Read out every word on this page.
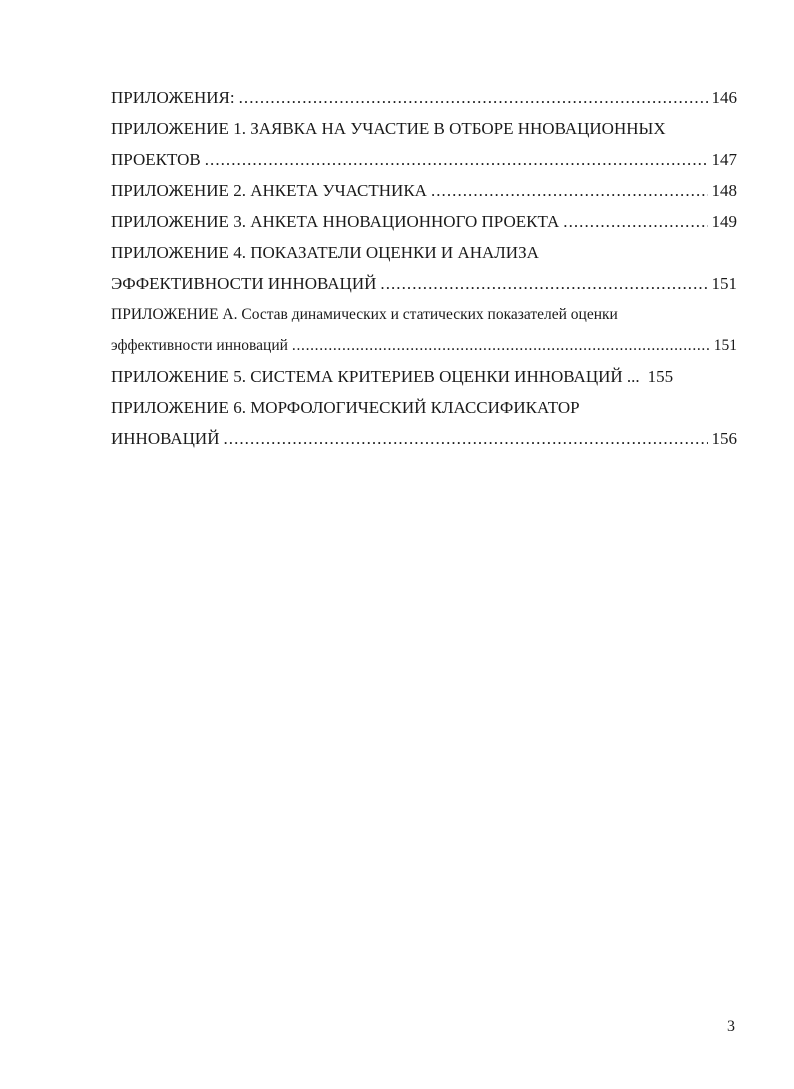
ПРИЛОЖЕНИЯ: . . .	146
ПРИЛОЖЕНИЕ 1. ЗАЯВКА НА УЧАСТИЕ В ОТБОРЕ ННОВАЦИОННЫХ
ПРОЕКТОВ . . .	147
ПРИЛОЖЕНИЕ 2. АНКЕТА УЧАСТНИКА . . .	148
ПРИЛОЖЕНИЕ 3. АНКЕТА ННОВАЦИОННОГО ПРОЕКТА . . .	149
ПРИЛОЖЕНИЕ 4. ПОКАЗАТЕЛИ ОЦЕНКИ И АНАЛИЗА
ЭФФЕКТИВНОСТИ ИННОВАЦИЙ . . .	151
ПРИЛОЖЕНИЕ А. Состав динамических и статических показателей оценки
эффективности инноваций . . .	151
ПРИЛОЖЕНИЕ 5. СИСТЕМА КРИТЕРИЕВ ОЦЕНКИ ИННОВАЦИЙ ... 155
ПРИЛОЖЕНИЕ 6. МОРФОЛОГИЧЕСКИЙ КЛАССИФИКАТОР
ИННОВАЦИЙ . . .	156
3
